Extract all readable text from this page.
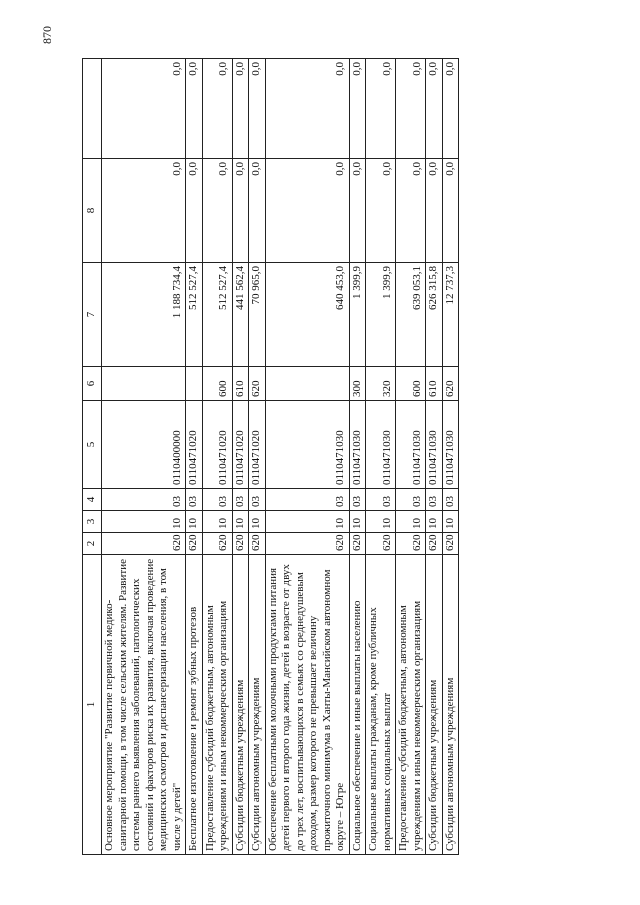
870
1	2	3	4	5	6	7	8	
Основное мероприятие "Развитие первичной медико-санитарной помощи, в том числе сельским жителям. Развитие системы раннего выявления заболеваний, патологических состояний и факторов риска их развития, включая проведение медицинских осмотров и диспансеризации населения, в том числе у детей"	620	10	03	0110400000		1 188 734,4	0,0	0,0
Бесплатное изготовление и ремонт зубных протезов	620	10	03	0110471020		512 527,4	0,0	0,0
Предоставление субсидий бюджетным, автономным учреждениям и иным некоммерческим организациям	620	10	03	0110471020	600	512 527,4	0,0	0,0
Субсидии бюджетным учреждениям	620	10	03	0110471020	610	441 562,4	0,0	0,0
Субсидии автономным учреждениям	620	10	03	0110471020	620	70 965,0	0,0	0,0
Обеспечение бесплатными молочными продуктами питания детей первого и второго года жизни, детей в возрасте от двух до трех лет, воспитывающихся в семьях со среднедушевым доходом, размер которого не превышает величину прожиточного минимума в Ханты-Мансийском автономном округе – Югре	620	10	03	0110471030		640 453,0	0,0	0,0
Социальное обеспечение и иные выплаты населению	620	10	03	0110471030	300	1 399,9	0,0	0,0
Социальные выплаты гражданам, кроме публичных нормативных социальных выплат	620	10	03	0110471030	320	1 399,9	0,0	0,0
Предоставление субсидий бюджетным, автономным учреждениям и иным некоммерческим организациям	620	10	03	0110471030	600	639 053,1	0,0	0,0
Субсидии бюджетным учреждениям	620	10	03	0110471030	610	626 315,8	0,0	0,0
Субсидии автономным учреждениям	620	10	03	0110471030	620	12 737,3	0,0	0,0
